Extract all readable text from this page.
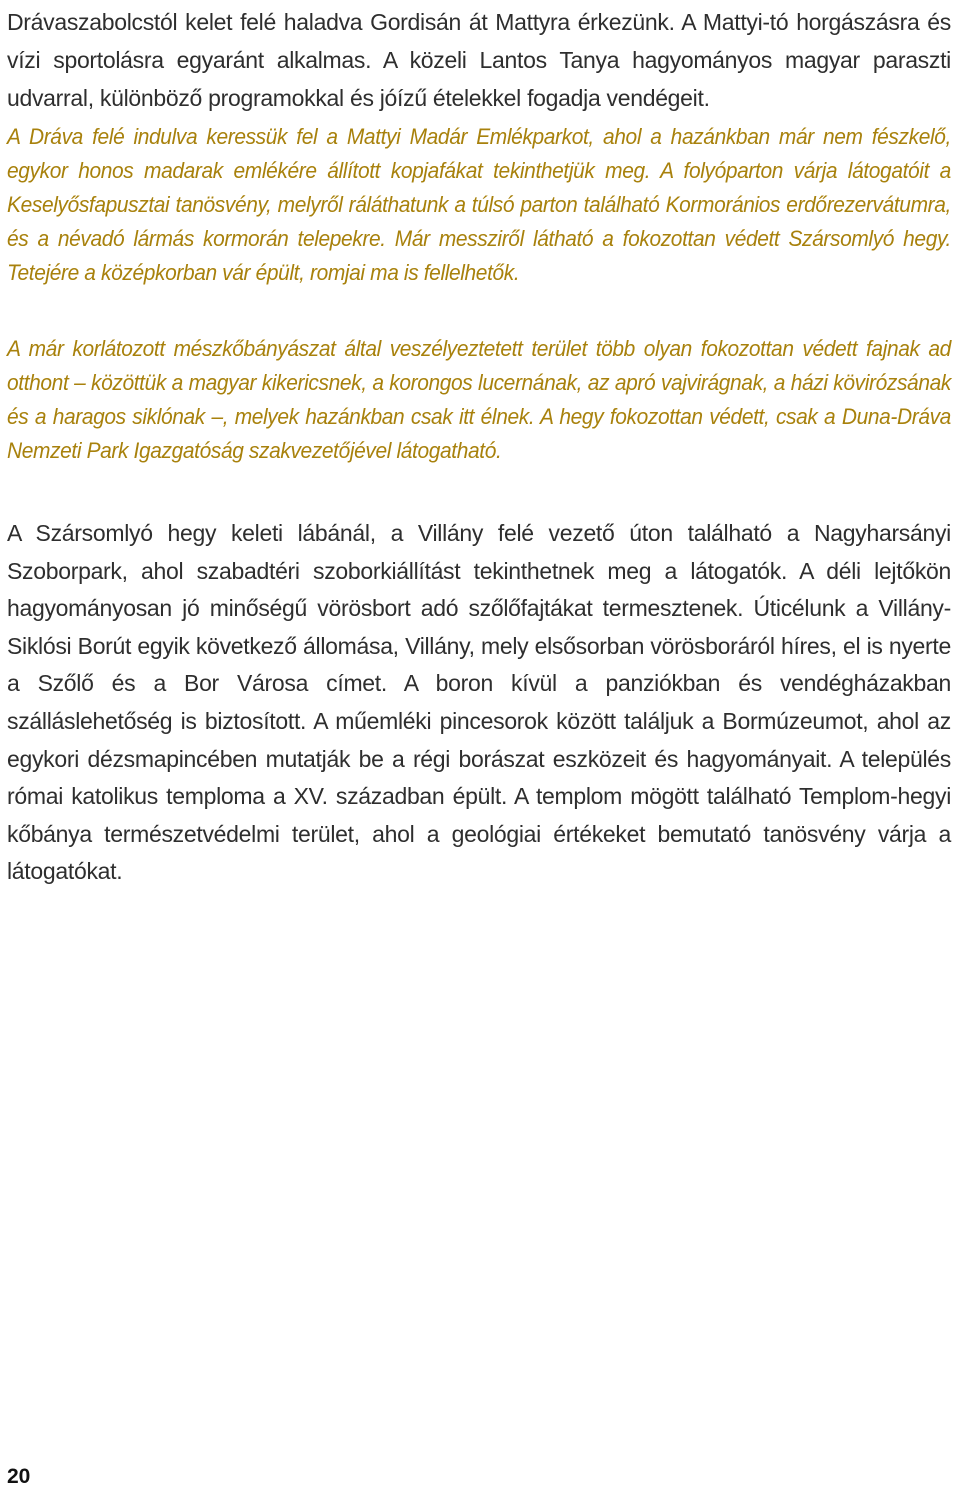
Drávaszabolcstól kelet felé haladva Gordisán át Mattyra érkezünk. A Mattyi-tó horgászásra és vízi sportolásra egyaránt alkalmas. A közeli Lantos Tanya hagyományos magyar paraszti udvarral, különböző programokkal és jóízű ételekkel fogadja vendégeit.

A Dráva felé indulva keressük fel a Mattyi Madár Emlékparkot, ahol a hazánkban már nem fészkelő, egykor honos madarak emlékére állított kopjafákat tekinthetjük meg. A folyóparton várja látogatóit a Keselyősfapusztai tanösvény, melyről ráláthatunk a túlsó parton található Kormoránios erdőrezervátumra, és a névadó lármás kormorán telepekre. Már messziről látható a fokozottan védett Szársomlyó hegy. Tetejére a középkorban vár épült, romjai ma is fellelhetők.

A már korlátozott mészkőbányászat által veszélyeztetett terület több olyan fokozottan védett fajnak ad otthont – közöttük a magyar kikericsnek, a korongos lucernának, az apró vajvirágnak, a házi kövirózsának és a haragos siklónak –, melyek hazánkban csak itt élnek. A hegy fokozottan védett, csak a Duna-Dráva Nemzeti Park Igazgatóság szakvezetőjével látogatható.

A Szársomlyó hegy keleti lábánál, a Villány felé vezető úton található a Nagyharsányi Szoborpark, ahol szabadtéri szoborkiállítást tekinthetnek meg a látogatók. A déli lejtőkön hagyományosan jó minőségű vörösbort adó szőlőfajtákat termesztenek. Úticélunk a Villány-Siklósi Borút egyik következő állomása, Villány, mely elsősorban vörösboráról híres, el is nyerte a Szőlő és a Bor Városa címet. A boron kívül a panziókban és vendégházakban szálláslehetőség is biztosított. A műemléki pincesorok között találjuk a Bormúzeumot, ahol az egykori dézsmapincében mutatják be a régi borászat eszközeit és hagyományait. A település római katolikus temploma a XV. században épült. A templom mögött található Templom-hegyi kőbánya természetvédelmi terület, ahol a geológiai értékeket bemutató tanösvény várja a látogatókat.

20
